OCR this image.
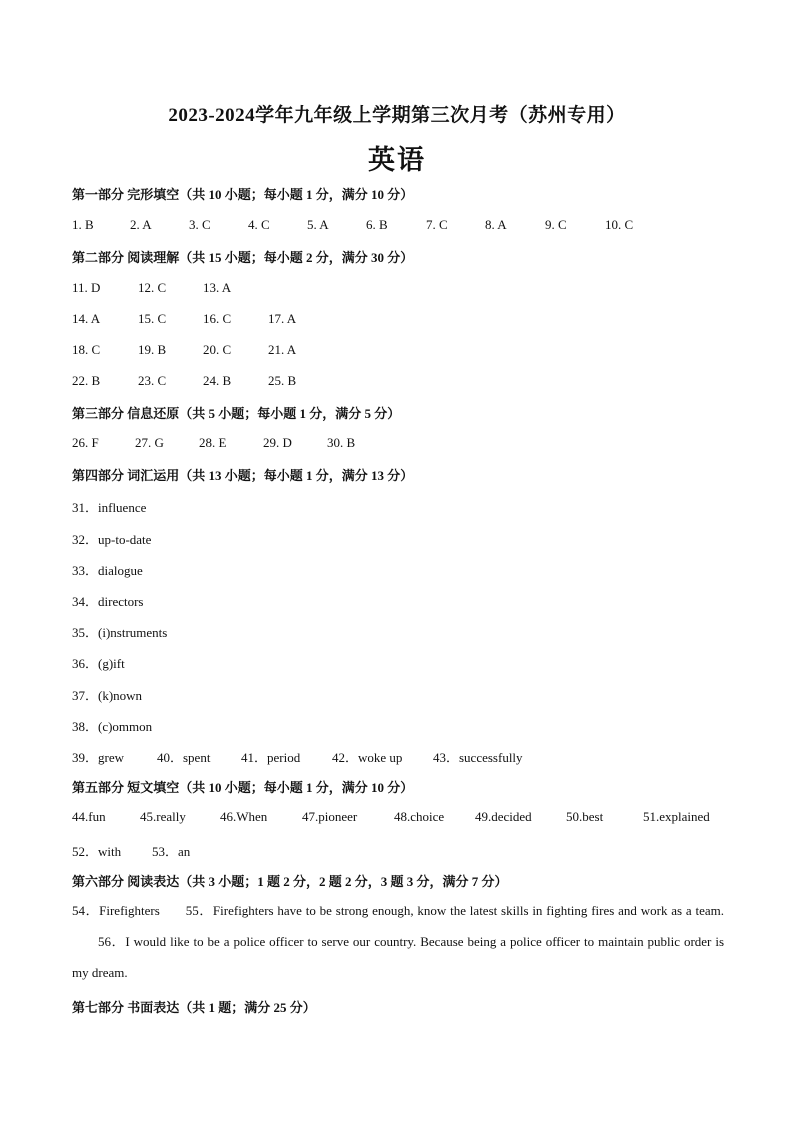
2023-2024学年九年级上学期第三次月考（苏州专用）
英语
第一部分 完形填空（共 10 小题；每小题 1 分，满分 10 分）
1. B	2. A	3. C	4. C	5. A	6. B	7. C	8. A	9. C	10. C
第二部分 阅读理解（共 15 小题；每小题 2 分，满分 30 分）
11. D	12. C	13. A
14. A	15. C	16. C	17. A
18. C	19. B	20. C	21. A
22. B	23. C	24. B	25. B
第三部分 信息还原（共 5 小题；每小题 1 分，满分 5 分）
26. F	27. G	28. E	29. D	30. B
第四部分 词汇运用（共 13 小题；每小题 1 分，满分 13 分）
31．influence
32．up-to-date
33．dialogue
34．directors
35．(i)nstruments
36．(g)ift
37．(k)nown
38．(c)ommon
39．grew	40．spent 41．period 42．woke up 43．successfully
第五部分 短文填空（共 10 小题；每小题 1 分，满分 10 分）
44.fun	45.really	46.When	47.pioneer	48.choice 49.decided	50.best	51.explained
52．with 53．an
第六部分 阅读表达（共 3 小题；1 题 2 分，2 题 2 分，3 题 3 分，满分 7 分）
54．Firefighters 55．Firefighters have to be strong enough, know the latest skills in fighting fires and work as a team.56．I would like to be a police officer to serve our country. Because being a police officer to maintain public order is my dream.
第七部分 书面表达（共 1 题；满分 25 分）
